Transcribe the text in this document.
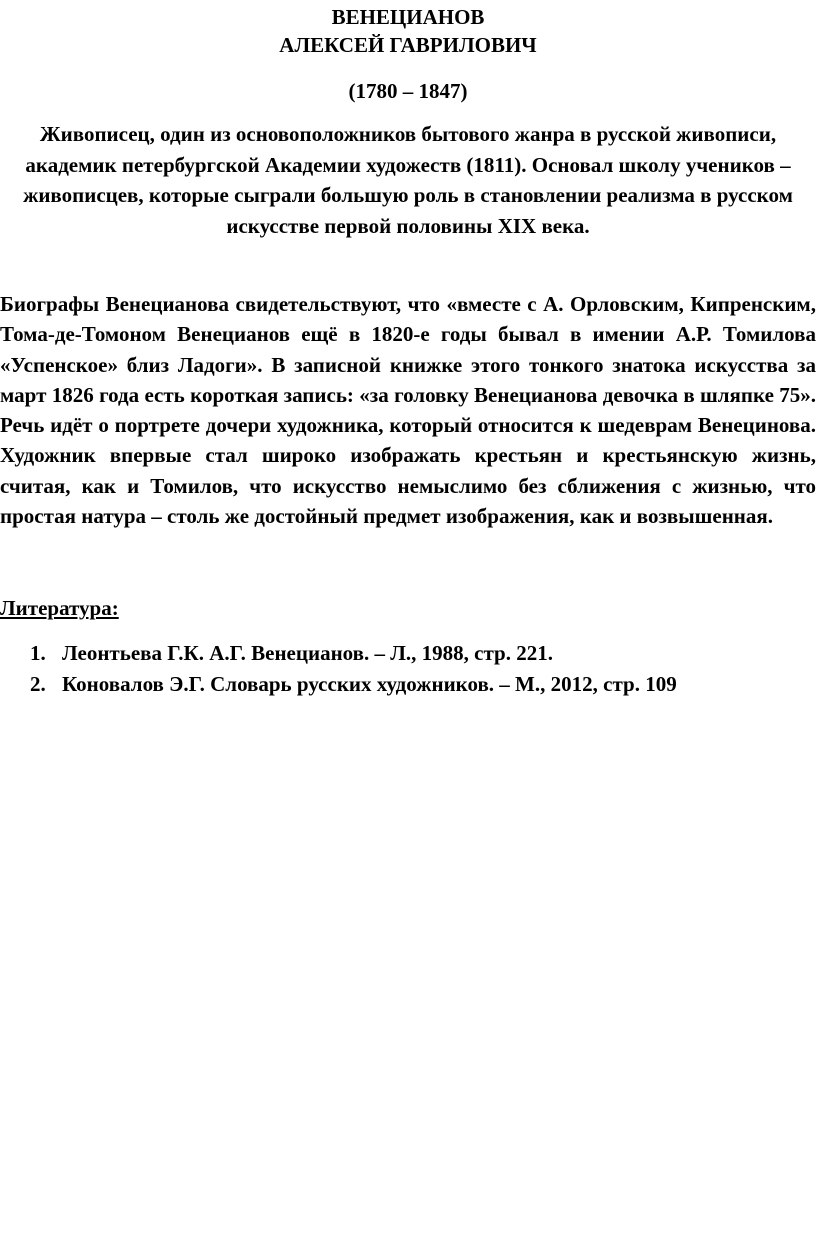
ВЕНЕЦИАНОВ
АЛЕКСЕЙ ГАВРИЛОВИЧ
(1780 – 1847)
Живописец, один из основоположников бытового жанра в русской живописи, академик петербургской Академии художеств (1811). Основал школу учеников – живописцев, которые сыграли большую роль в становлении реализма в русском искусстве первой половины XIX века.
Биографы Венецианова свидетельствуют, что «вместе с А. Орловским, Кипренским, Тома-де-Томоном Венецианов ещё в 1820-е годы бывал в имении А.Р. Томилова «Успенское» близ Ладоги». В записной книжке этого тонкого знатока искусства за март 1826 года есть короткая запись: «за головку Венецианова девочка в шляпке 75». Речь идёт о портрете дочери художника, который относится к шедеврам Венецинова. Художник впервые стал широко изображать крестьян и крестьянскую жизнь, считая, как и Томилов, что искусство немыслимо без сближения с жизнью, что простая натура – столь же достойный предмет изображения, как и возвышенная.
Литература:
1. Леонтьева Г.К. А.Г. Венецианов. – Л., 1988, стр. 221.
2. Коновалов Э.Г. Словарь русских художников. – М., 2012, стр. 109
